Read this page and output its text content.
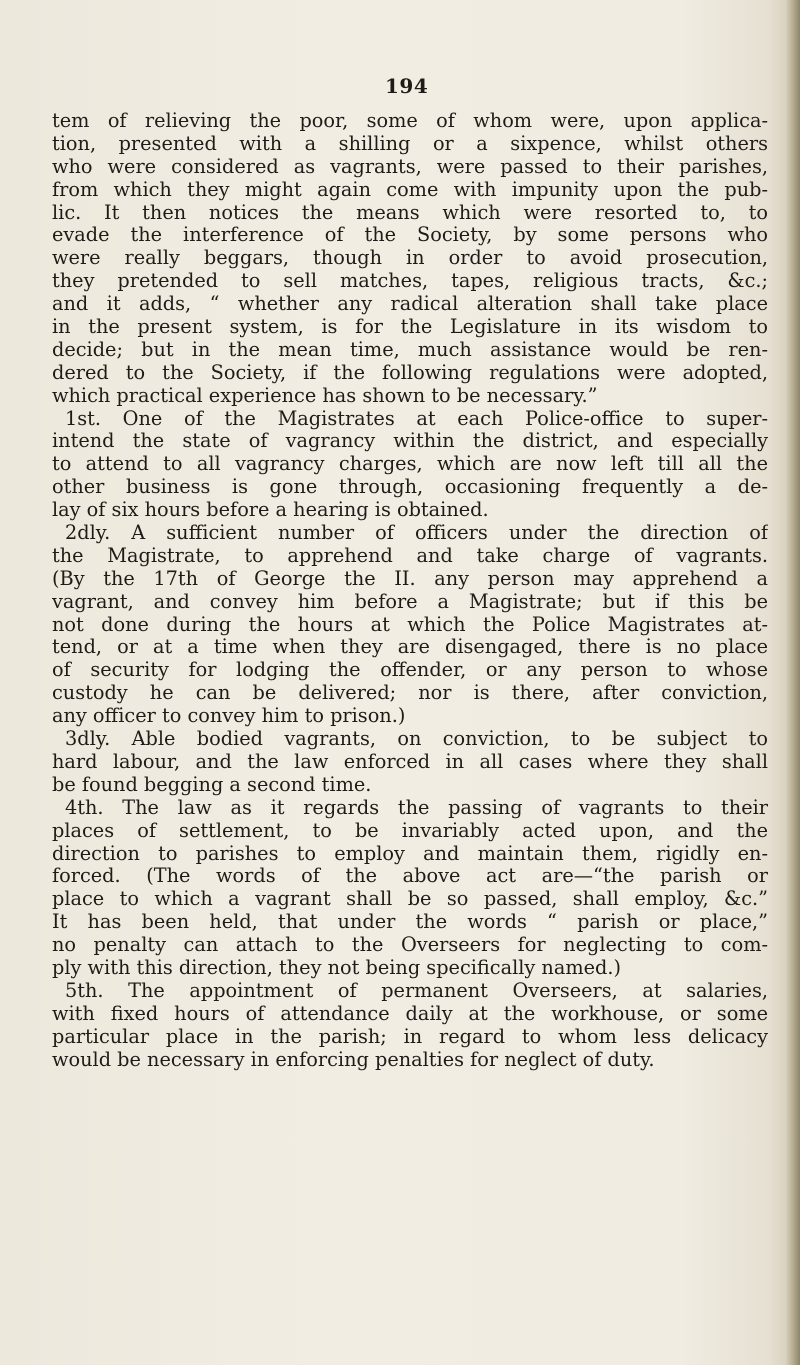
194
tem of relieving the poor, some of whom were, upon applica-
tion, presented with a shilling or a sixpence, whilst others
who were considered as vagrants, were passed to their parishes,
from which they might again come with impunity upon the pub-
lic. It then notices the means which were resorted to, to
evade the interference of the Society, by some persons who
were really beggars, though in order to avoid prosecution,
they pretended to sell matches, tapes, religious tracts, &c.;
and it adds, “ whether any radical alteration shall take place
in the present system, is for the Legislature in its wisdom to
decide; but in the mean time, much assistance would be ren-
dered to the Society, if the following regulations were adopted,
which practical experience has shown to be necessary.”
1st. One of the Magistrates at each Police-office to super-
intend the state of vagrancy within the district, and especially
to attend to all vagrancy charges, which are now left till all the
other business is gone through, occasioning frequently a de-
lay of six hours before a hearing is obtained.
2dly. A sufficient number of officers under the direction of
the Magistrate, to apprehend and take charge of vagrants.
(By the 17th of George the II. any person may apprehend a
vagrant, and convey him before a Magistrate; but if this be
not done during the hours at which the Police Magistrates at-
tend, or at a time when they are disengaged, there is no place
of security for lodging the offender, or any person to whose
custody he can be delivered; nor is there, after conviction,
any officer to convey him to prison.)
3dly. Able bodied vagrants, on conviction, to be subject to
hard labour, and the law enforced in all cases where they shall
be found begging a second time.
4th. The law as it regards the passing of vagrants to their
places of settlement, to be invariably acted upon, and the
direction to parishes to employ and maintain them, rigidly en-
forced. (The words of the above act are—“the parish or
place to which a vagrant shall be so passed, shall employ, &c.”
It has been held, that under the words “ parish or place,”
no penalty can attach to the Overseers for neglecting to com-
ply with this direction, they not being specifically named.)
5th. The appointment of permanent Overseers, at salaries,
with fixed hours of attendance daily at the workhouse, or some
particular place in the parish; in regard to whom less delicacy
would be necessary in enforcing penalties for neglect of duty.
